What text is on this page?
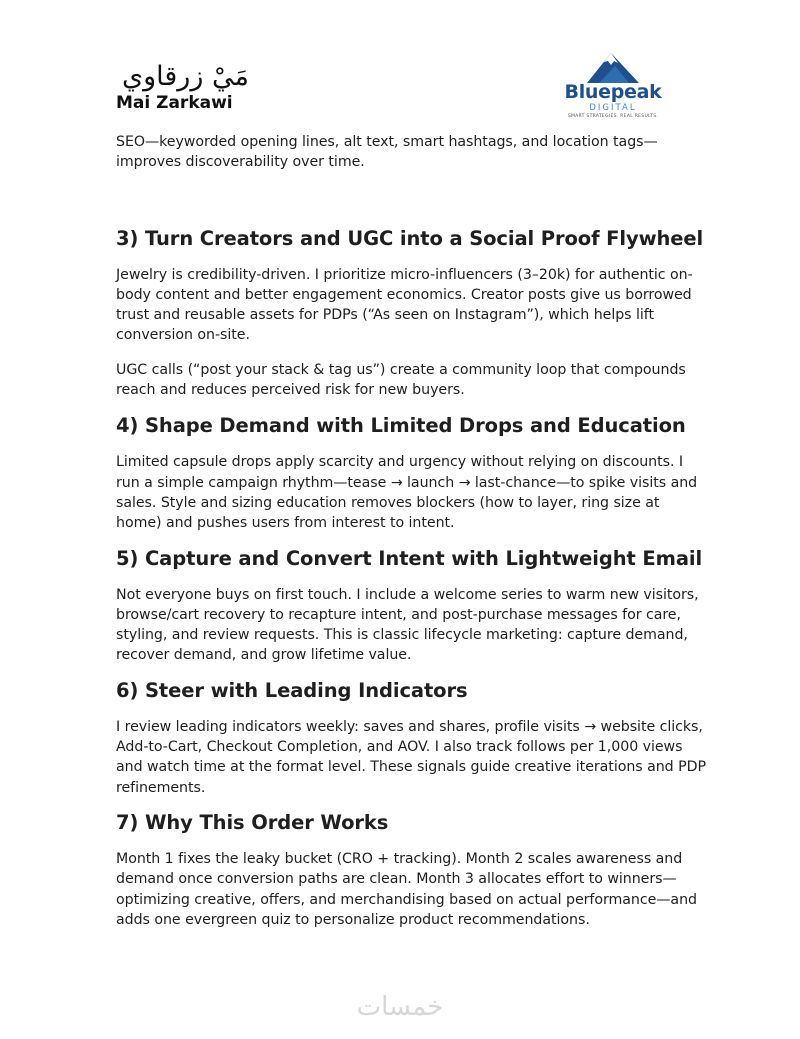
مَيْ زرقاوي
Mai Zarkawi	Bluepeak
DIGITAL
SMART STRATEGIES. REAL RESULTS.

SEO—keyworded opening lines, alt text, smart hashtags, and location tags—improves discoverability over time.

3) Turn Creators and UGC into a Social Proof Flywheel

Jewelry is credibility-driven. I prioritize micro-influencers (3–20k) for authentic on-body content and better engagement economics. Creator posts give us borrowed trust and reusable assets for PDPs (“As seen on Instagram”), which helps lift conversion on-site.

UGC calls (“post your stack & tag us”) create a community loop that compounds reach and reduces perceived risk for new buyers.

4) Shape Demand with Limited Drops and Education

Limited capsule drops apply scarcity and urgency without relying on discounts. I run a simple campaign rhythm—tease → launch → last-chance—to spike visits and sales. Style and sizing education removes blockers (how to layer, ring size at home) and pushes users from interest to intent.

5) Capture and Convert Intent with Lightweight Email

Not everyone buys on first touch. I include a welcome series to warm new visitors, browse/cart recovery to recapture intent, and post-purchase messages for care, styling, and review requests. This is classic lifecycle marketing: capture demand, recover demand, and grow lifetime value.

6) Steer with Leading Indicators

I review leading indicators weekly: saves and shares, profile visits → website clicks, Add-to-Cart, Checkout Completion, and AOV. I also track follows per 1,000 views and watch time at the format level. These signals guide creative iterations and PDP refinements.

7) Why This Order Works

Month 1 fixes the leaky bucket (CRO + tracking). Month 2 scales awareness and demand once conversion paths are clean. Month 3 allocates effort to winners—optimizing creative, offers, and merchandising based on actual performance—and adds one evergreen quiz to personalize product recommendations.

خمسات
